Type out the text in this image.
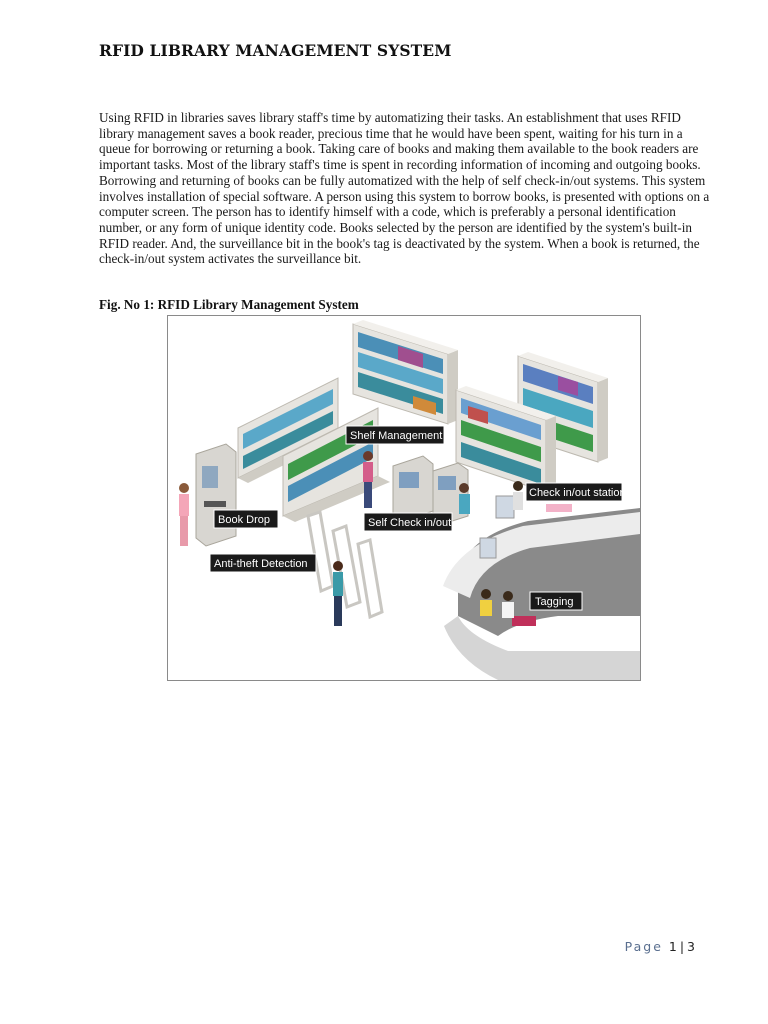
RFID LIBRARY MANAGEMENT SYSTEM

Using RFID in libraries saves library staff's time by automatizing their tasks. An establishment that uses RFID library management saves a book reader, precious time that he would have been spent, waiting for his turn in a queue for borrowing or returning a book. Taking care of books and making them available to the book readers are important tasks. Most of the library staff's time is spent in recording information of incoming and outgoing books.

Borrowing and returning of books can be fully automatized with the help of self check-in/out systems. This system involves installation of special software. A person using this system to borrow books, is presented with options on a computer screen. The person has to identify himself with a code, which is preferably a personal identification number, or any form of unique identity code. Books selected by the person are identified by the system's built-in RFID reader. And, the surveillance bit in the book's tag is deactivated by the system. When a book is returned, the check-in/out system activates the surveillance bit.

Fig. No 1: RFID Library Management System
Shelf Management
Check in/out station
Book Drop	Self Check in/out
Anti-theft Detection
Tagging
Page 1 | 3
